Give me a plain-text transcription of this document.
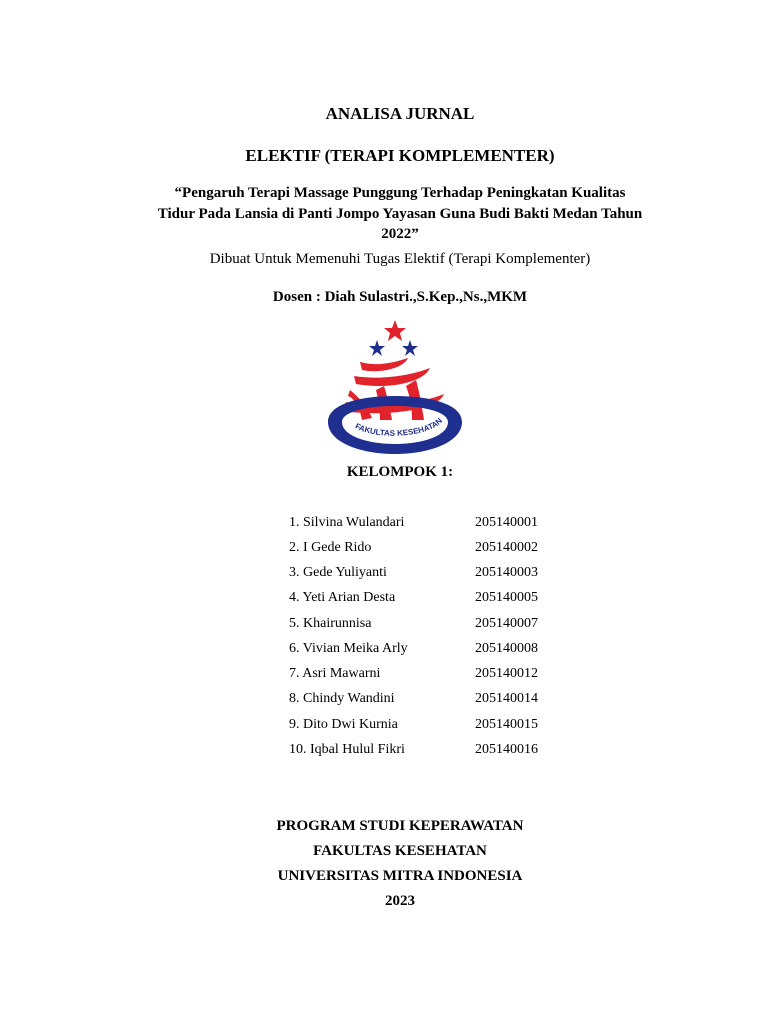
ANALISA JURNAL
ELEKTIF (TERAPI KOMPLEMENTER)
“Pengaruh Terapi Massage Punggung Terhadap Peningkatan Kualitas
Tidur Pada Lansia di Panti Jompo Yayasan Guna Budi Bakti Medan Tahun
2022”
Dibuat Untuk Memenuhi Tugas Elektif (Terapi Komplementer)
Dosen : Diah Sulastri.,S.Kep.,Ns.,MKM
FAKULTAS KESEHATAN
KELOMPOK 1:
1. Silvina Wulandari	205140001
2. I Gede Rido	205140002
3. Gede Yuliyanti	205140003
4. Yeti Arian Desta	205140005
5. Khairunnisa	205140007
6. Vivian Meika Arly	205140008
7. Asri Mawarni	205140012
8. Chindy Wandini	205140014
9. Dito Dwi Kurnia	205140015
10. Iqbal Hulul Fikri	205140016
PROGRAM STUDI KEPERAWATAN
FAKULTAS KESEHATAN
UNIVERSITAS MITRA INDONESIA
2023
